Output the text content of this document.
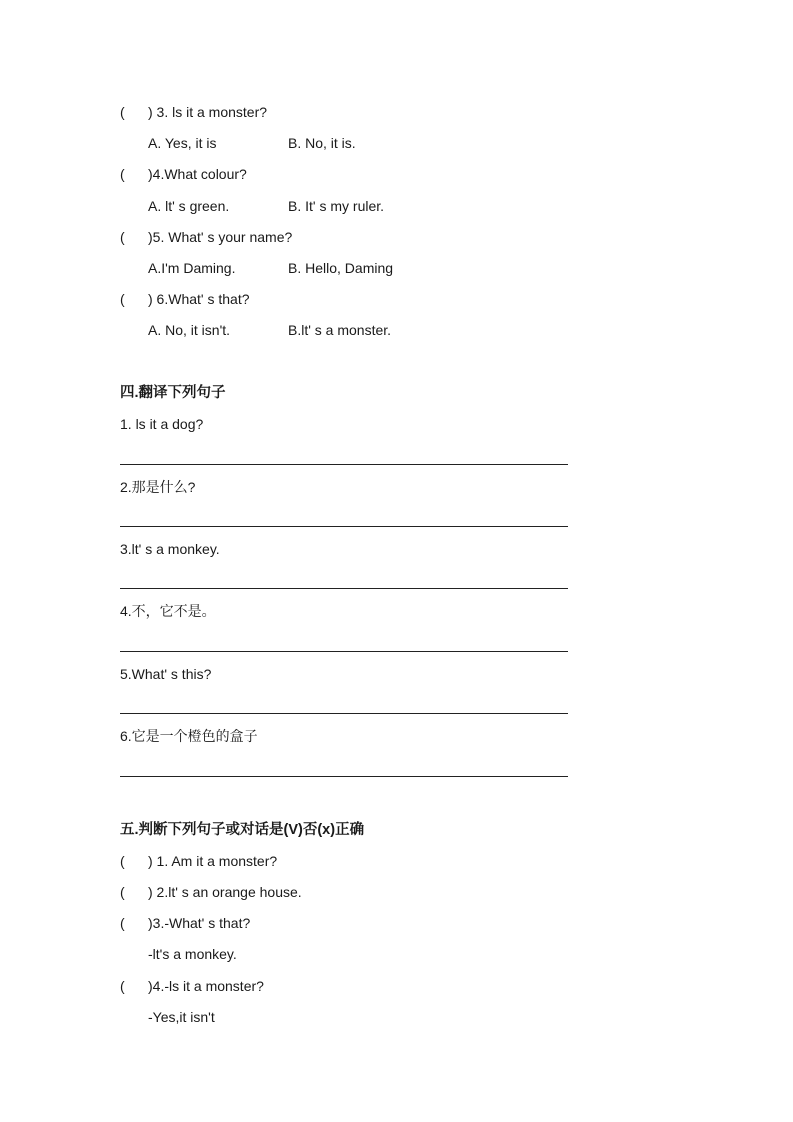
( ) 3. ls it a monster?
A. Yes, it is	B. No, it is.
( )4.What colour?
A. lt' s green.	B. It' s my ruler.
( )5. What' s your name?
A.I'm Daming.	B. Hello, Daming
( ) 6.What' s that?
A. No, it isn't.	B.lt' s a monster.
四.翻译下列句子
1. ls it a dog?
2.那是什么?
3.lt' s a monkey.
4.不，它不是。
5.What' s this?
6.它是一个橙色的盒子
五.判断下列句子或对话是(V)否(x)正确
( ) 1. Am it a monster?
( ) 2.lt' s an orange house.
( )3.-What' s that?
-lt's a monkey.
( )4.-ls it a monster?
-Yes,it isn't
